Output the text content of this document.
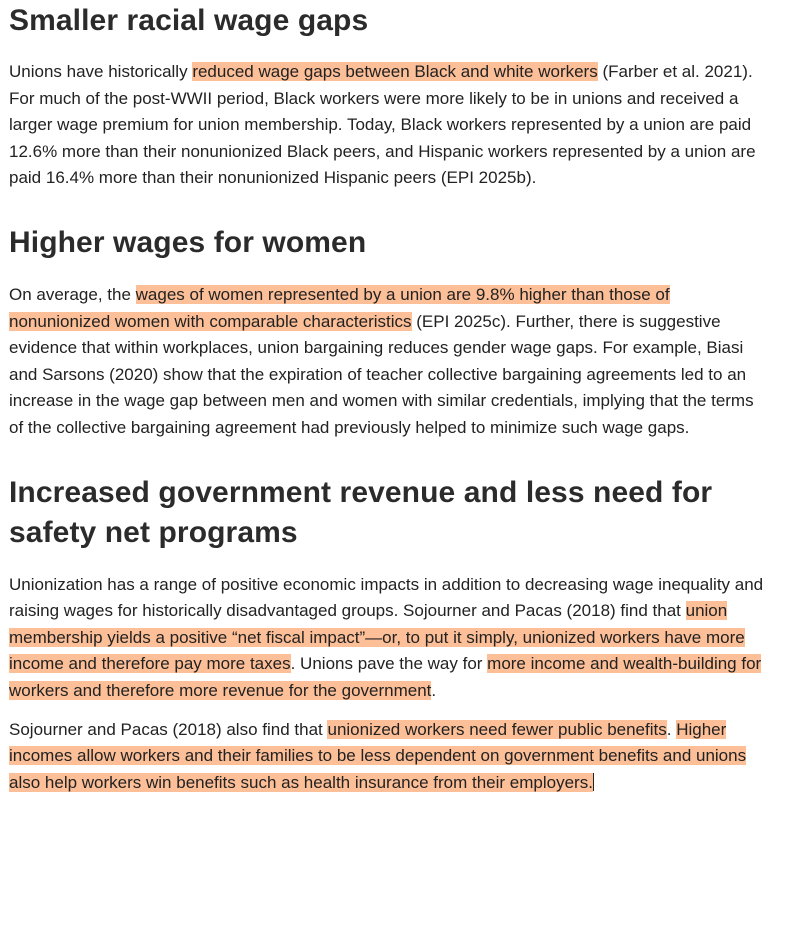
Smaller racial wage gaps

Unions have historically reduced wage gaps between Black and white workers (Farber et al. 2021). For much of the post-WWII period, Black workers were more likely to be in unions and received a larger wage premium for union membership. Today, Black workers represented by a union are paid 12.6% more than their nonunionized Black peers, and Hispanic workers represented by a union are paid 16.4% more than their nonunionized Hispanic peers (EPI 2025b).

Higher wages for women

On average, the wages of women represented by a union are 9.8% higher than those of nonunionized women with comparable characteristics (EPI 2025c). Further, there is suggestive evidence that within workplaces, union bargaining reduces gender wage gaps. For example, Biasi and Sarsons (2020) show that the expiration of teacher collective bargaining agreements led to an increase in the wage gap between men and women with similar credentials, implying that the terms of the collective bargaining agreement had previously helped to minimize such wage gaps.

Increased government revenue and less need for safety net programs

Unionization has a range of positive economic impacts in addition to decreasing wage inequality and raising wages for historically disadvantaged groups. Sojourner and Pacas (2018) find that union membership yields a positive “net fiscal impact”—or, to put it simply, unionized workers have more income and therefore pay more taxes. Unions pave the way for more income and wealth-building for workers and therefore more revenue for the government.

Sojourner and Pacas (2018) also find that unionized workers need fewer public benefits. Higher incomes allow workers and their families to be less dependent on government benefits and unions also help workers win benefits such as health insurance from their employers.
